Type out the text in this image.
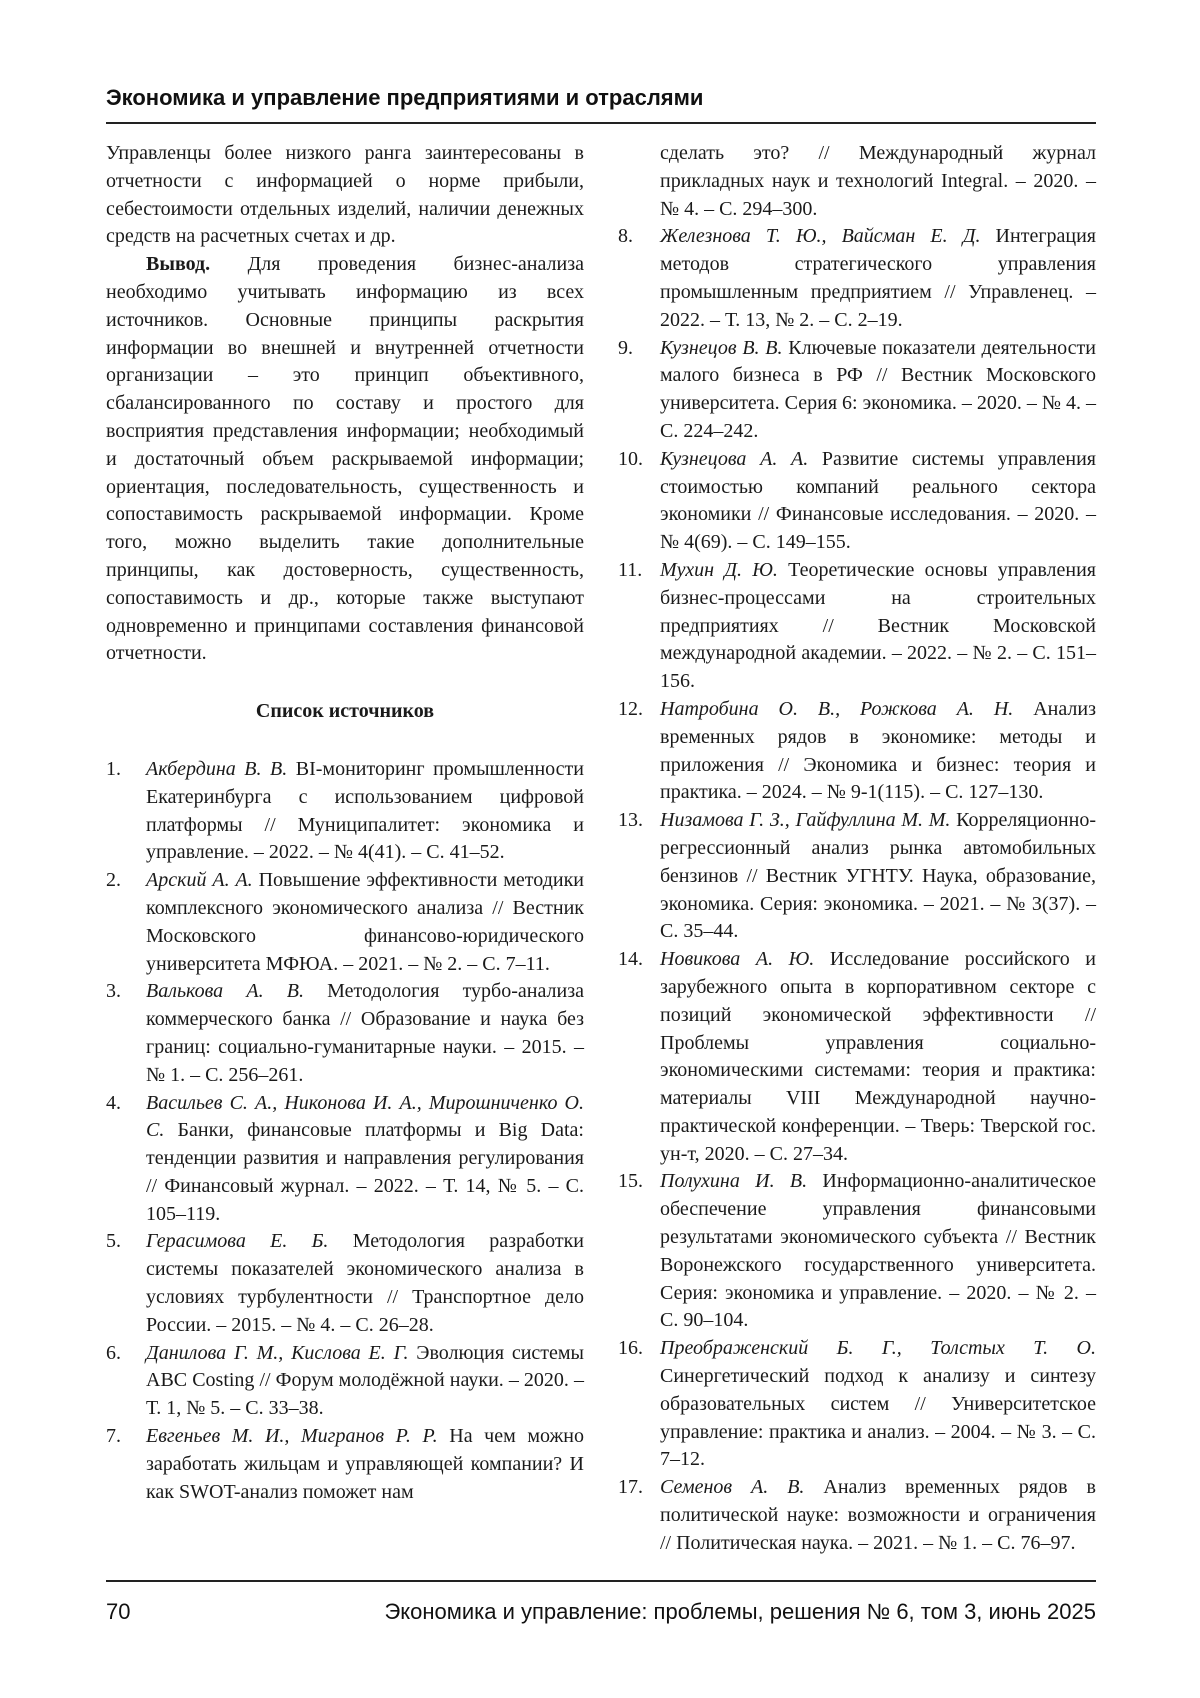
Экономика и управление предприятиями и отраслями

Управленцы более низкого ранга заинтересованы в отчетности с информацией о норме прибыли, себестоимости отдельных изделий, наличии денежных средств на расчетных счетах и др.

Вывод. Для проведения бизнес-анализа необходимо учитывать информацию из всех источников. Основные принципы раскрытия информации во внешней и внутренней отчетности организации – это принцип объективного, сбалансированного по составу и простого для восприятия представления информации; необходимый и достаточный объем раскрываемой информации; ориентация, последовательность, существенность и сопоставимость раскрываемой информации. Кроме того, можно выделить такие дополнительные принципы, как достоверность, существенность, сопоставимость и др., которые также выступают одновременно и принципами составления финансовой отчетности.

Список источников
1. Акбердина В. В. BI-мониторинг промышленности Екатеринбурга с использованием цифровой платформы // Муниципалитет: экономика и управление. – 2022. – № 4(41). – С. 41–52.
2. Арский А. А. Повышение эффективности методики комплексного экономического анализа // Вестник Московского финансово-юридического университета МФЮА. – 2021. – № 2. – С. 7–11.
3. Валькова А. В. Методология турбо-анализа коммерческого банка // Образование и наука без границ: социально-гуманитарные науки. – 2015. – № 1. – С. 256–261.
4. Васильев С. А., Никонова И. А., Мирошниченко О. С. Банки, финансовые платформы и Big Data: тенденции развития и направления регулирования // Финансовый журнал. – 2022. – Т. 14, № 5. – С. 105–119.
5. Герасимова Е. Б. Методология разработки системы показателей экономического анализа в условиях турбулентности // Транспортное дело России. – 2015. – № 4. – С. 26–28.
6. Данилова Г. М., Кислова Е. Г. Эволюция системы ABC Costing // Форум молодёжной науки. – 2020. – Т. 1, № 5. – С. 33–38.
7. Евгеньев М. И., Мигранов Р. Р. На чем можно заработать жильцам и управляющей компании? И как SWOT-анализ поможет нам
сделать это? // Международный журнал прикладных наук и технологий Integral. – 2020. – № 4. – С. 294–300.
8. Железнова Т. Ю., Вайсман Е. Д. Интеграция методов стратегического управления промышленным предприятием // Управленец. – 2022. – Т. 13, № 2. – С. 2–19.
9. Кузнецов В. В. Ключевые показатели деятельности малого бизнеса в РФ // Вестник Московского университета. Серия 6: экономика. – 2020. – № 4. – С. 224–242.
10. Кузнецова А. А. Развитие системы управления стоимостью компаний реального сектора экономики // Финансовые исследования. – 2020. – № 4(69). – С. 149–155.
11. Мухин Д. Ю. Теоретические основы управления бизнес-процессами на строительных предприятиях // Вестник Московской международной академии. – 2022. – № 2. – С. 151–156.
12. Натробина О. В., Рожкова А. Н. Анализ временных рядов в экономике: методы и приложения // Экономика и бизнес: теория и практика. – 2024. – № 9-1(115). – С. 127–130.
13. Низамова Г. З., Гайфуллина М. М. Корреляционно-регрессионный анализ рынка автомобильных бензинов // Вестник УГНТУ. Наука, образование, экономика. Серия: экономика. – 2021. – № 3(37). – С. 35–44.
14. Новикова А. Ю. Исследование российского и зарубежного опыта в корпоративном секторе с позиций экономической эффективности // Проблемы управления социально-экономическими системами: теория и практика: материалы VIII Международной научно-практической конференции. – Тверь: Тверской гос. ун-т, 2020. – С. 27–34.
15. Полухина И. В. Информационно-аналитическое обеспечение управления финансовыми результатами экономического субъекта // Вестник Воронежского государственного университета. Серия: экономика и управление. – 2020. – № 2. – С. 90–104.
16. Преображенский Б. Г., Толстых Т. О. Синергетический подход к анализу и синтезу образовательных систем // Университетское управление: практика и анализ. – 2004. – № 3. – С. 7–12.
17. Семенов А. В. Анализ временных рядов в политической науке: возможности и ограничения // Политическая наука. – 2021. – № 1. – С. 76–97.
70	Экономика и управление: проблемы, решения № 6, том 3, июнь 2025
